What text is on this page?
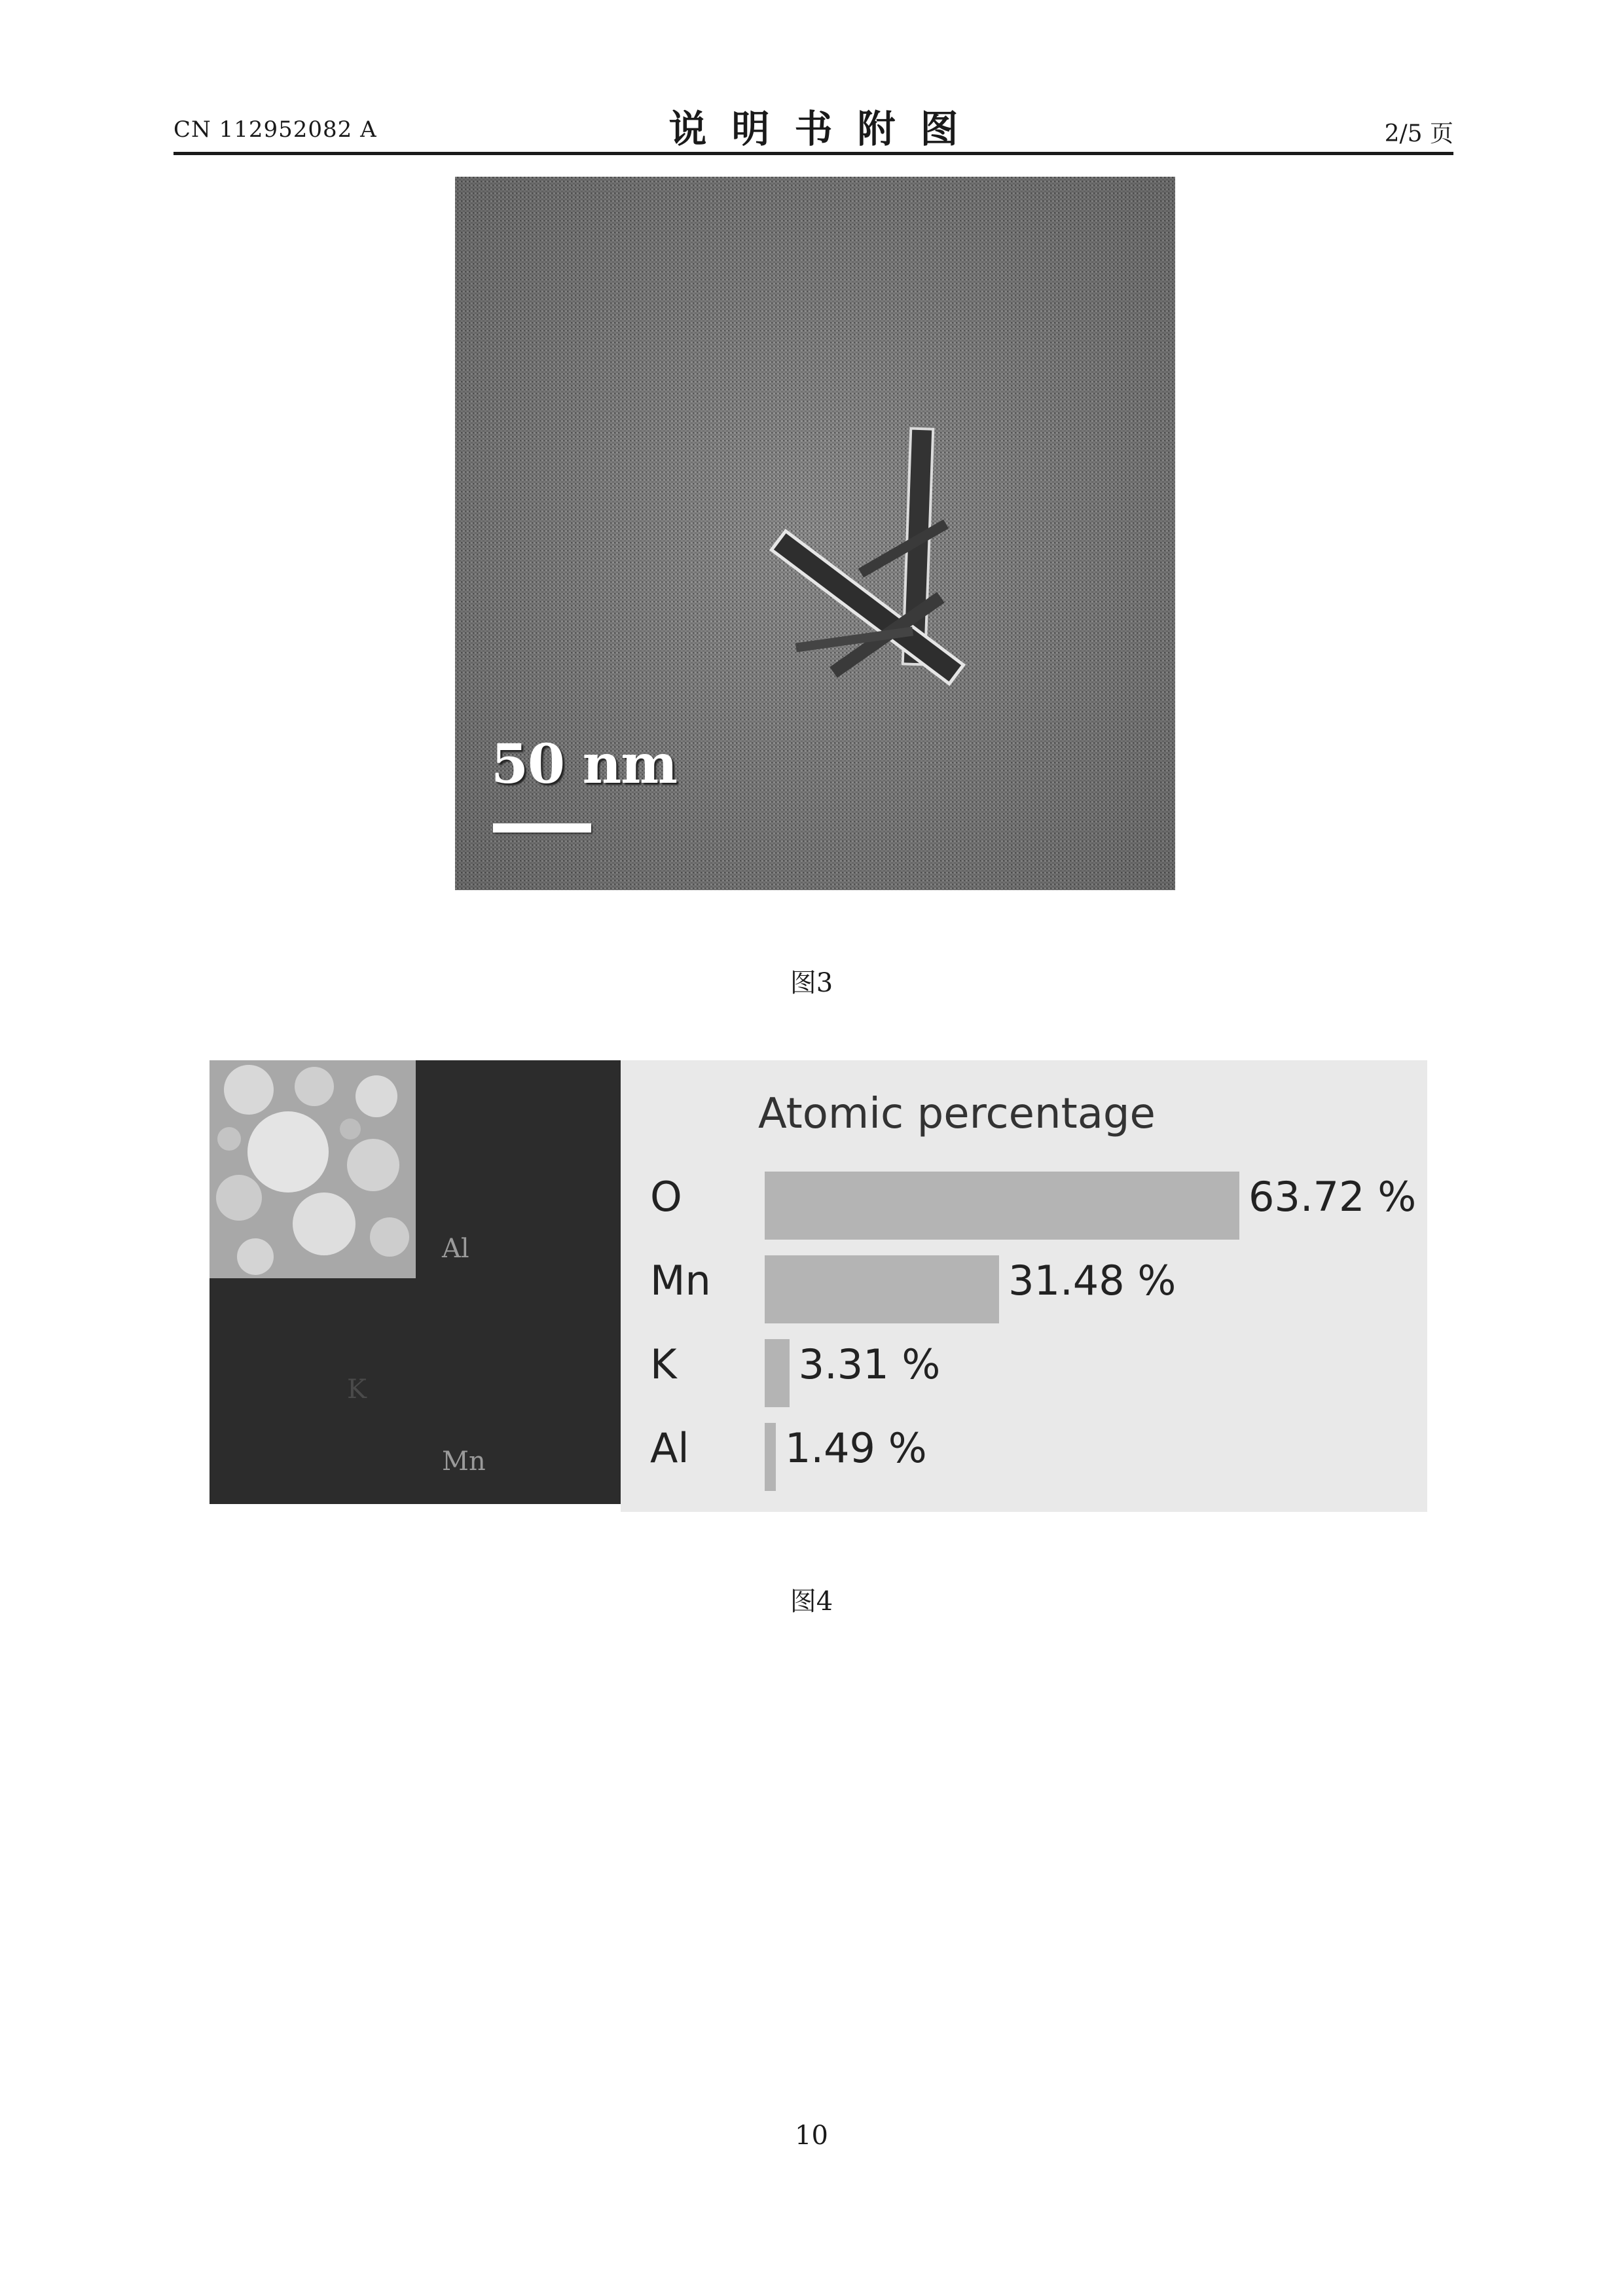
CN 112952082 A	说明书附图	2/5 页
50 nm
图3
Al
K
Mn
Atomic percentage
O	63.72 %
Mn	31.48 %
K	3.31 %
Al 1.49 %
图4
10
